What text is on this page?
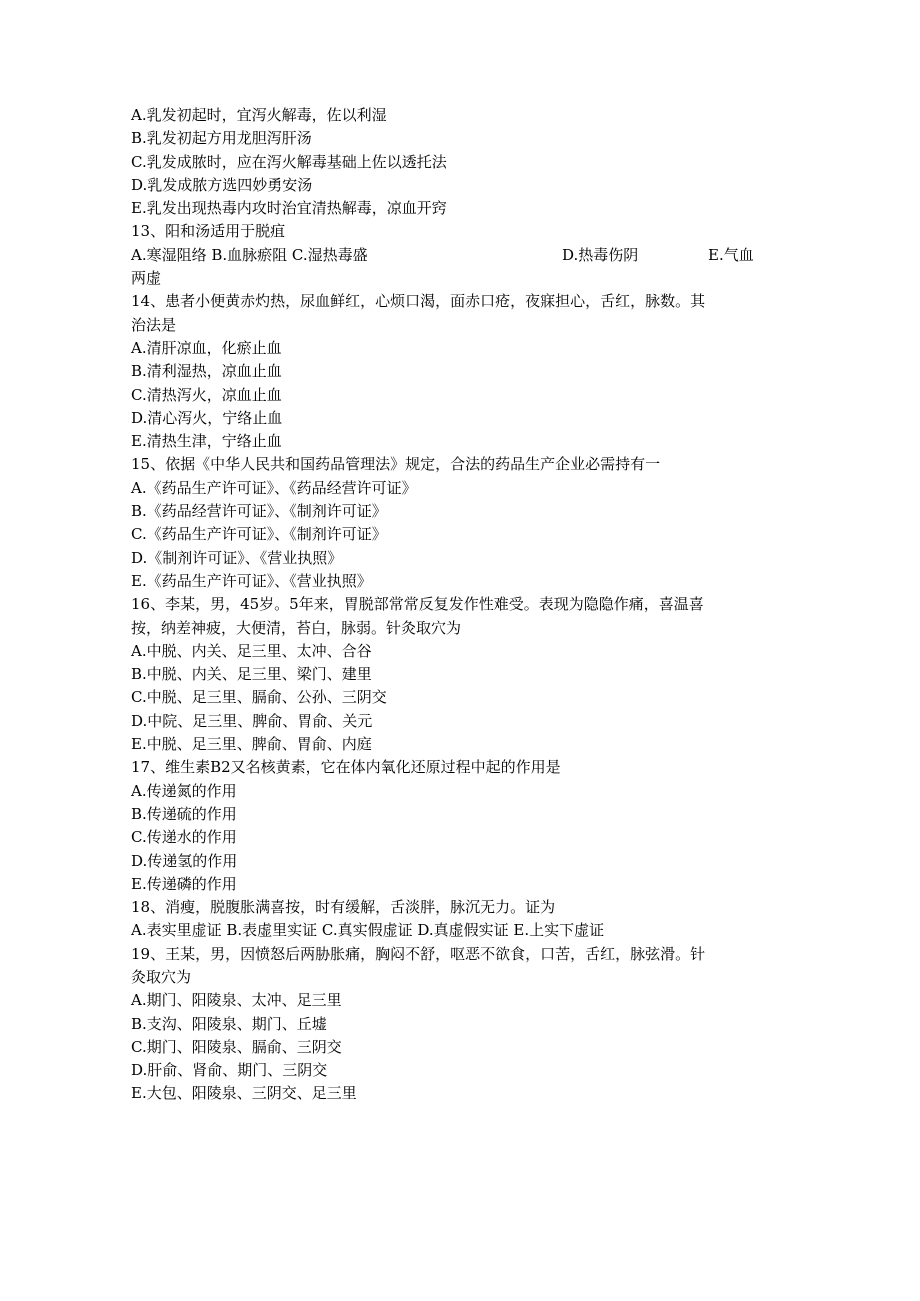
A.乳发初起时，宜泻火解毒，佐以利湿
B.乳发初起方用龙胆泻肝汤
C.乳发成脓时，应在泻火解毒基础上佐以透托法
D.乳发成脓方选四妙勇安汤
E.乳发出现热毒内攻时治宜清热解毒，凉血开窍
13、阳和汤适用于脱疽
A.寒湿阻络 B.血脉瘀阻 C.湿热毒盛	D.热毒伤阴	E.气血
两虚
14、患者小便黄赤灼热，尿血鲜红，心烦口渴，面赤口疮，夜寐担心，舌红，脉数。其
治法是
A.清肝凉血，化瘀止血
B.清利湿热，凉血止血
C.清热泻火，凉血止血
D.清心泻火，宁络止血
E.清热生津，宁络止血
15、依据《中华人民共和国药品管理法》规定，合法的药品生产企业必需持有一
A.《药品生产许可证》、《药品经营许可证》
B.《药品经营许可证》、《制剂许可证》
C.《药品生产许可证》、《制剂许可证》
D.《制剂许可证》、《营业执照》
E.《药品生产许可证》、《营业执照》
16、李某，男，45岁。5年来，胃脱部常常反复发作性难受。表现为隐隐作痛，喜温喜
按，纳差神疲，大便清，苔白，脉弱。针灸取穴为
A.中脱、内关、足三里、太冲、合谷
B.中脱、内关、足三里、梁门、建里
C.中脱、足三里、膈俞、公孙、三阴交
D.中院、足三里、脾俞、胃俞、关元
E.中脱、足三里、脾俞、胃俞、内庭
17、维生素B2又名核黄素，它在体内氧化还原过程中起的作用是
A.传递氮的作用
B.传递硫的作用
C.传递水的作用
D.传递氢的作用
E.传递磷的作用
18、消瘦，脱腹胀满喜按，时有缓解，舌淡胖，脉沉无力。证为
A.表实里虚证 B.表虚里实证 C.真实假虚证 D.真虚假实证 E.上实下虚证
19、王某，男，因愤怒后两胁胀痛，胸闷不舒，呕恶不欲食，口苦，舌红，脉弦滑。针
灸取穴为
A.期门、阳陵泉、太冲、足三里
B.支沟、阳陵泉、期门、丘墟
C.期门、阳陵泉、膈俞、三阴交
D.肝俞、肾俞、期门、三阴交
E.大包、阳陵泉、三阴交、足三里
